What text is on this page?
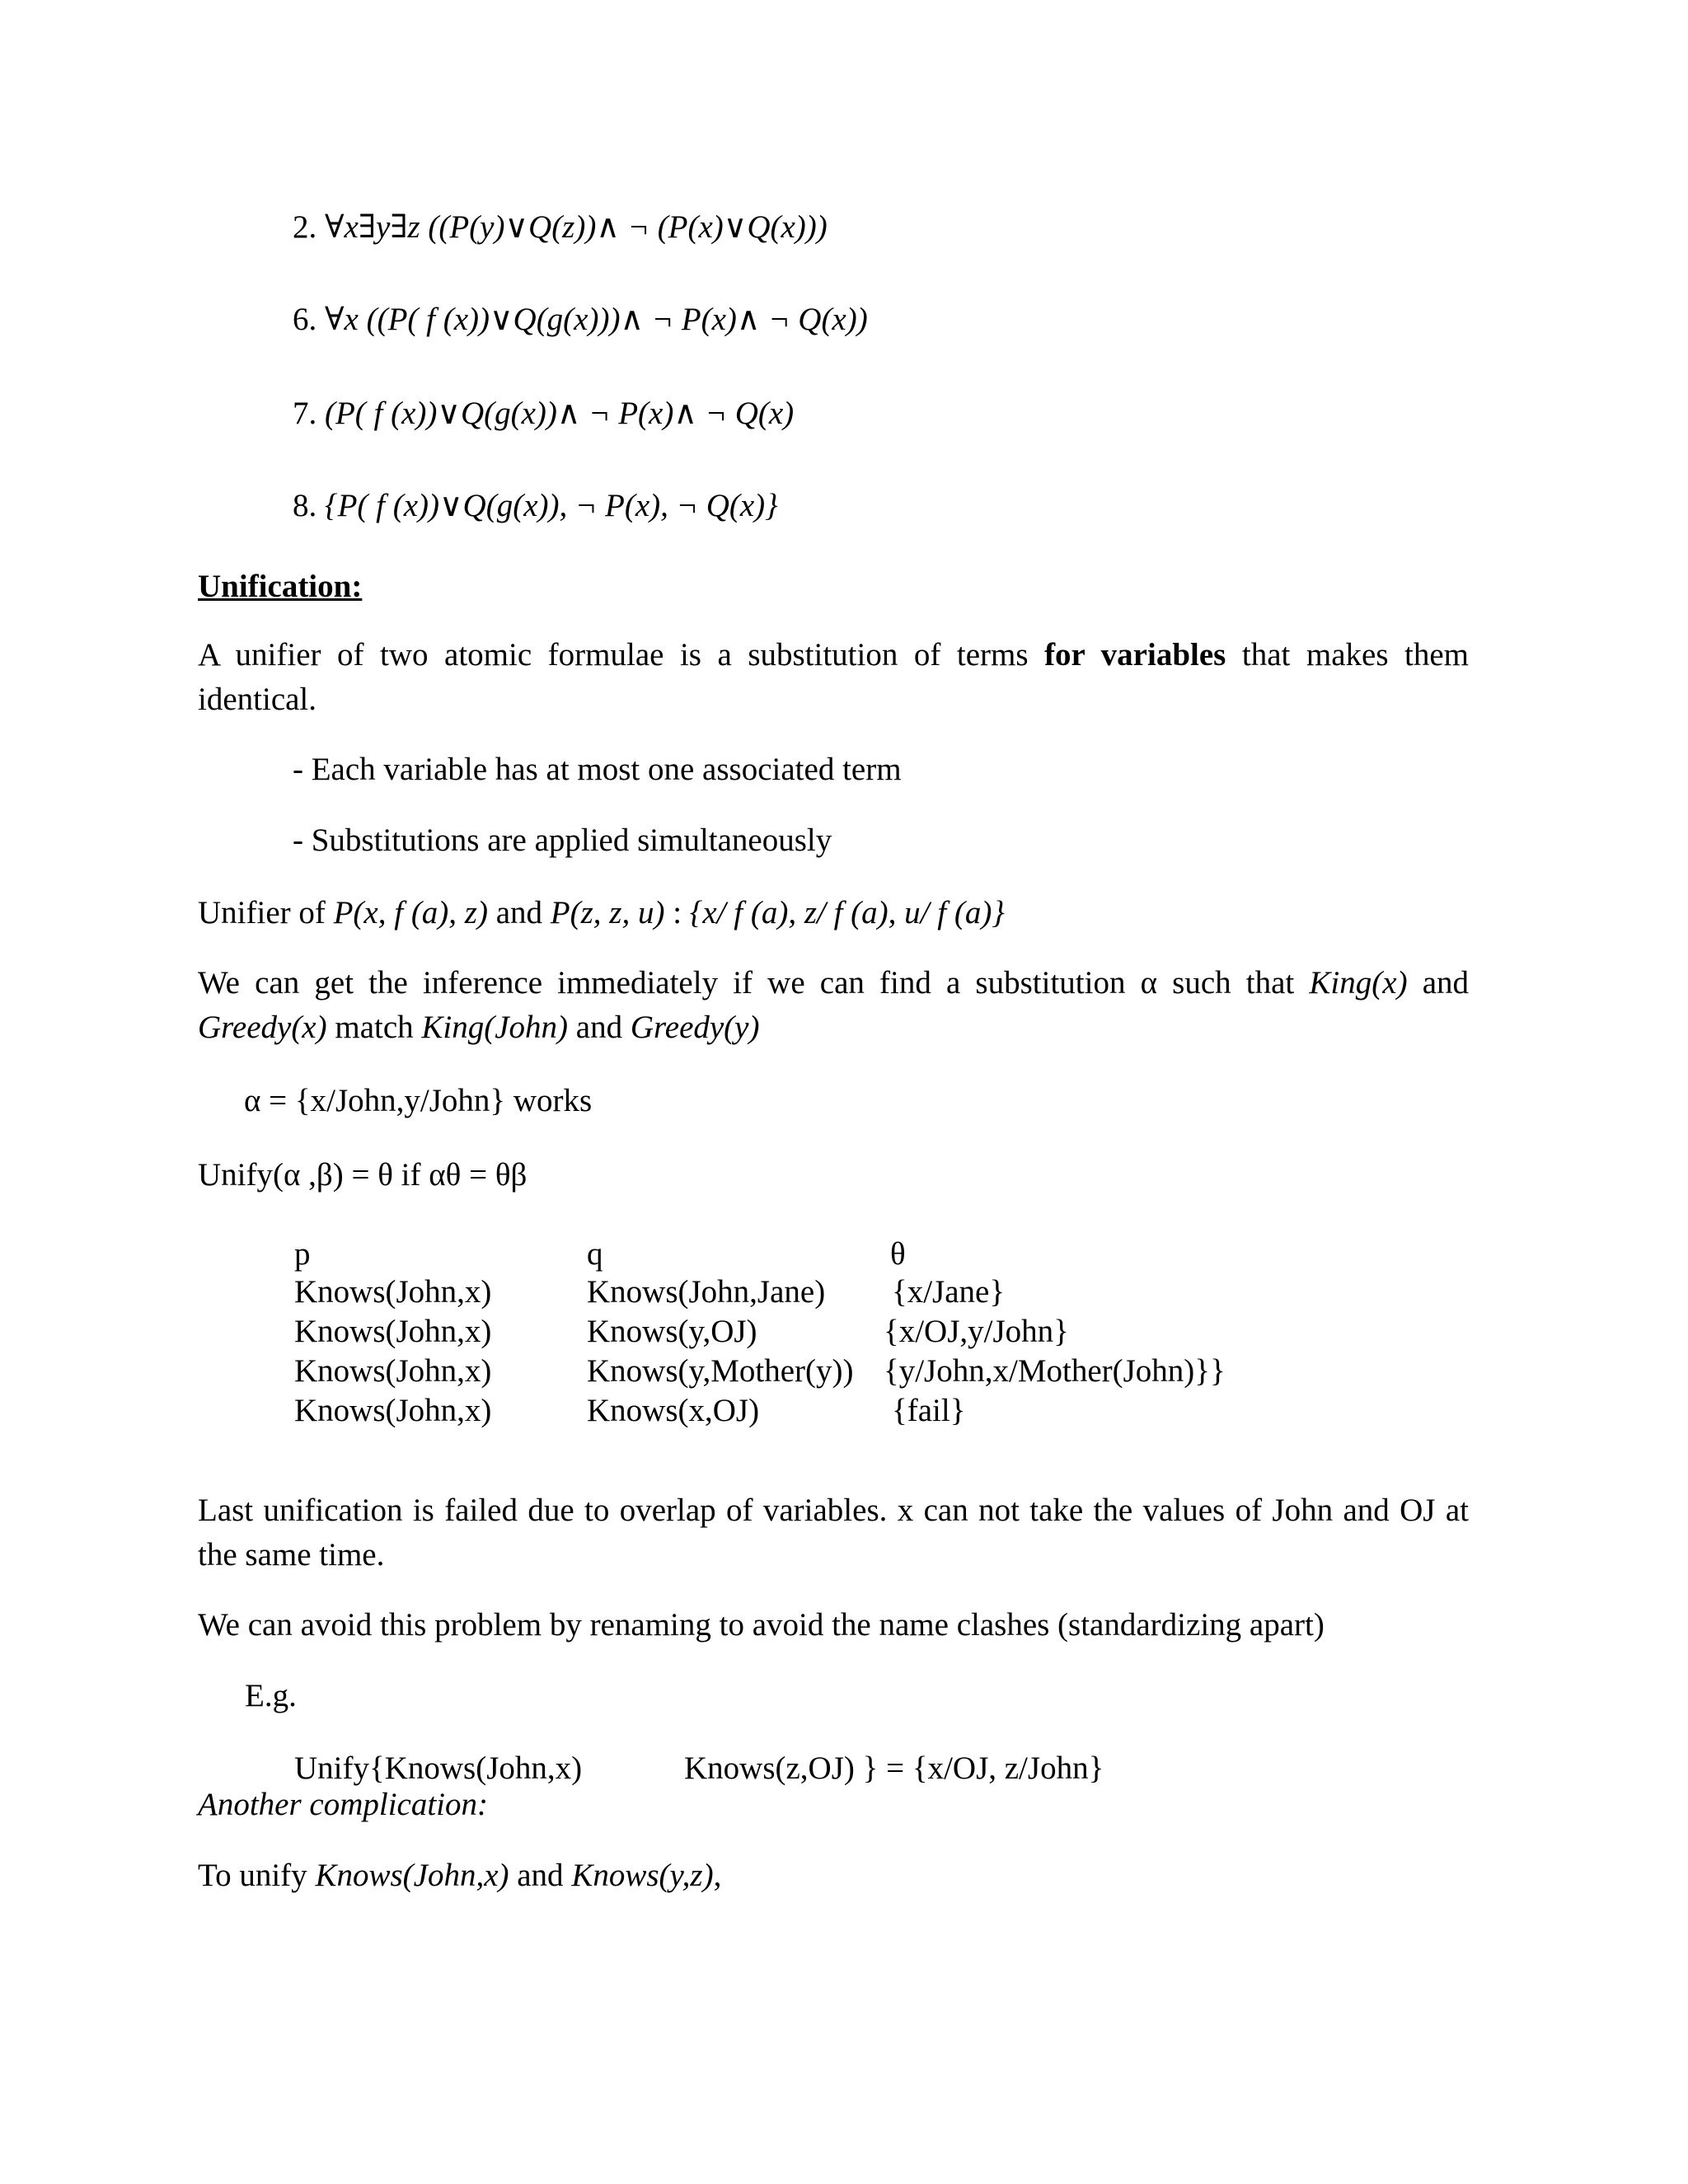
2. ∀x∃y∃z ((P(y)∨Q(z))∧ ¬ (P(x)∨Q(x)))
6. ∀x ((P( f (x))∨Q(g(x)))∧ ¬ P(x)∧ ¬ Q(x))
7. (P( f (x))∨Q(g(x))∧ ¬ P(x)∧ ¬ Q(x)
8. {P( f (x))∨Q(g(x)), ¬ P(x), ¬ Q(x)}
Unification:
A unifier of two atomic formulae is a substitution of terms for variables that makes them identical.
- Each variable has at most one associated term
- Substitutions are applied simultaneously
Unifier of P(x, f (a), z) and P(z, z, u) : {x/ f (a), z/ f (a), u/ f (a)}
We can get the inference immediately if we can find a substitution α such that King(x) and Greedy(x) match King(John) and Greedy(y)
α = {x/John,y/John} works
Unify(α ,β) = θ if αθ = θβ
p	q	θ
Knows(John,x)	Knows(John,Jane) {x/Jane}
Knows(John,x)	Knows(y,OJ)	{x/OJ,y/John}
Knows(John,x)	Knows(y,Mother(y)) {y/John,x/Mother(John)}}
Knows(John,x)	Knows(x,OJ)	{fail}
Last unification is failed due to overlap of variables. x can not take the values of John and OJ at the same time.
We can avoid this problem by renaming to avoid the name clashes (standardizing apart)
E.g.
Unify{Knows(John,x)	Knows(z,OJ) } = {x/OJ, z/John}
Another complication:
To unify Knows(John,x) and Knows(y,z),
